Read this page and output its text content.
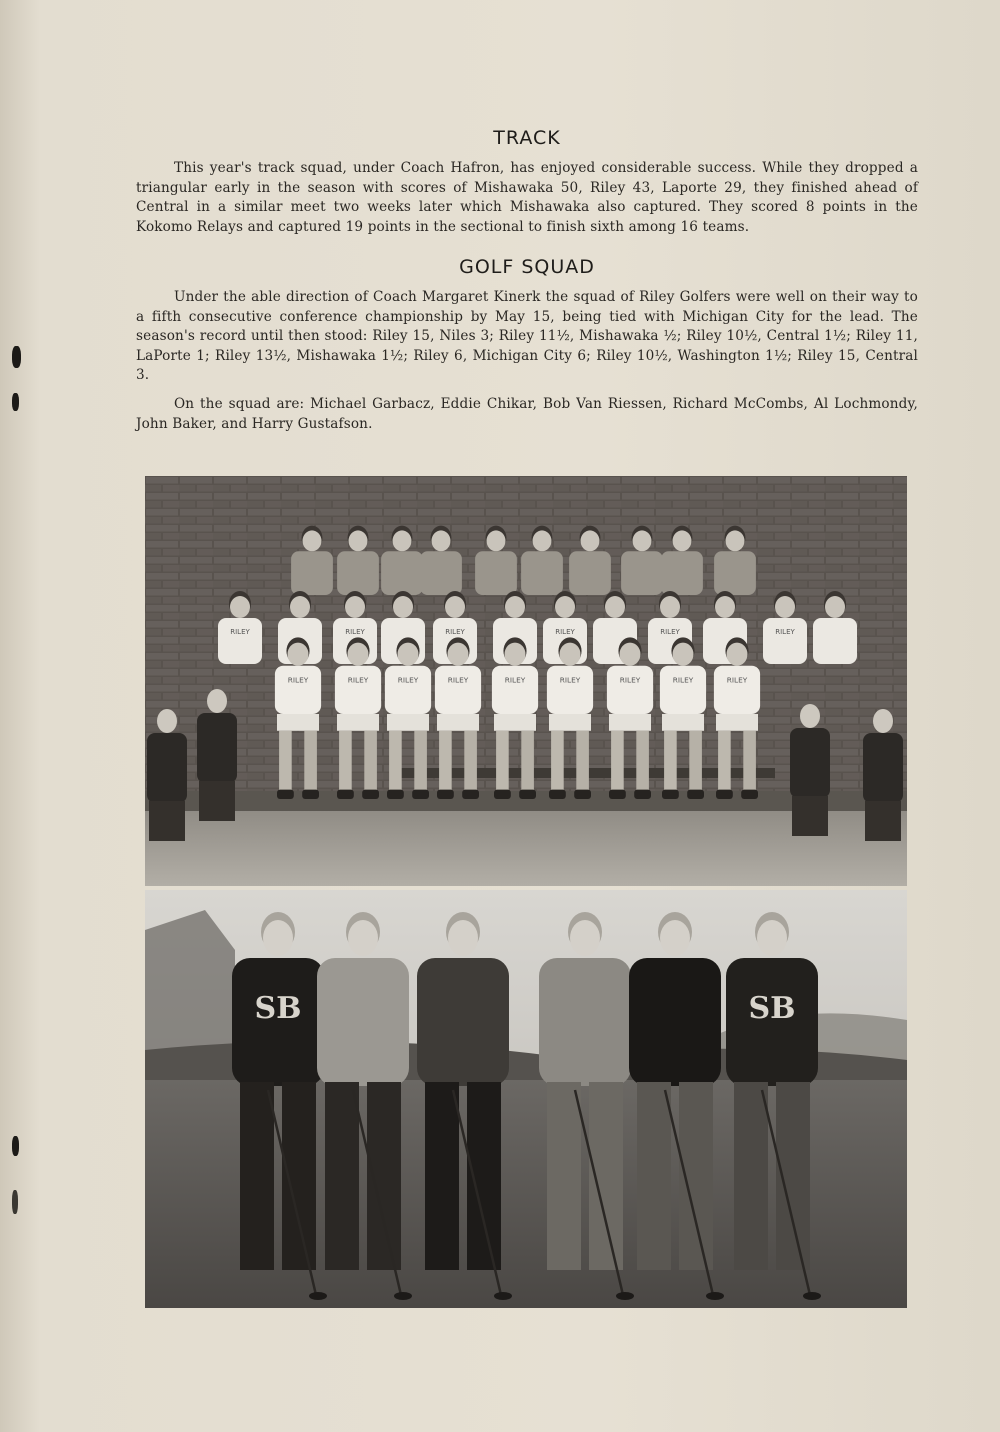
TRACK

This year's track squad, under Coach Hafron, has enjoyed considerable success. While they dropped a triangular early in the season with scores of Mishawaka 50, Riley 43, Laporte 29, they finished ahead of Central in a similar meet two weeks later which Mishawaka also captured. They scored 8 points in the Kokomo Relays and captured 19 points in the sectional to finish sixth among 16 teams.

GOLF SQUAD

Under the able direction of Coach Margaret Kinerk the squad of Riley Golfers were well on their way to a fifth consecutive conference championship by May 15, being tied with Michigan City for the lead. The season's record until then stood: Riley 15, Niles 3; Riley 11½, Mishawaka ½; Riley 10½, Central 1½; Riley 11, LaPorte 1; Riley 13½, Mishawaka 1½; Riley 6, Michigan City 6; Riley 10½, Washington 1½; Riley 15, Central 3.

On the squad are: Michael Garbacz, Eddie Chikar, Bob Van Riessen, Richard McCombs, Al Lochmondy, John Baker, and Harry Gustafson.

RILEY	RILEY	RILEY	RILEY	RILEY	RILEY
RILEY	RILEY	RILEY	RILEY	RILEY	RILEY	RILEY	RILEY	RILEY
SB	SB
